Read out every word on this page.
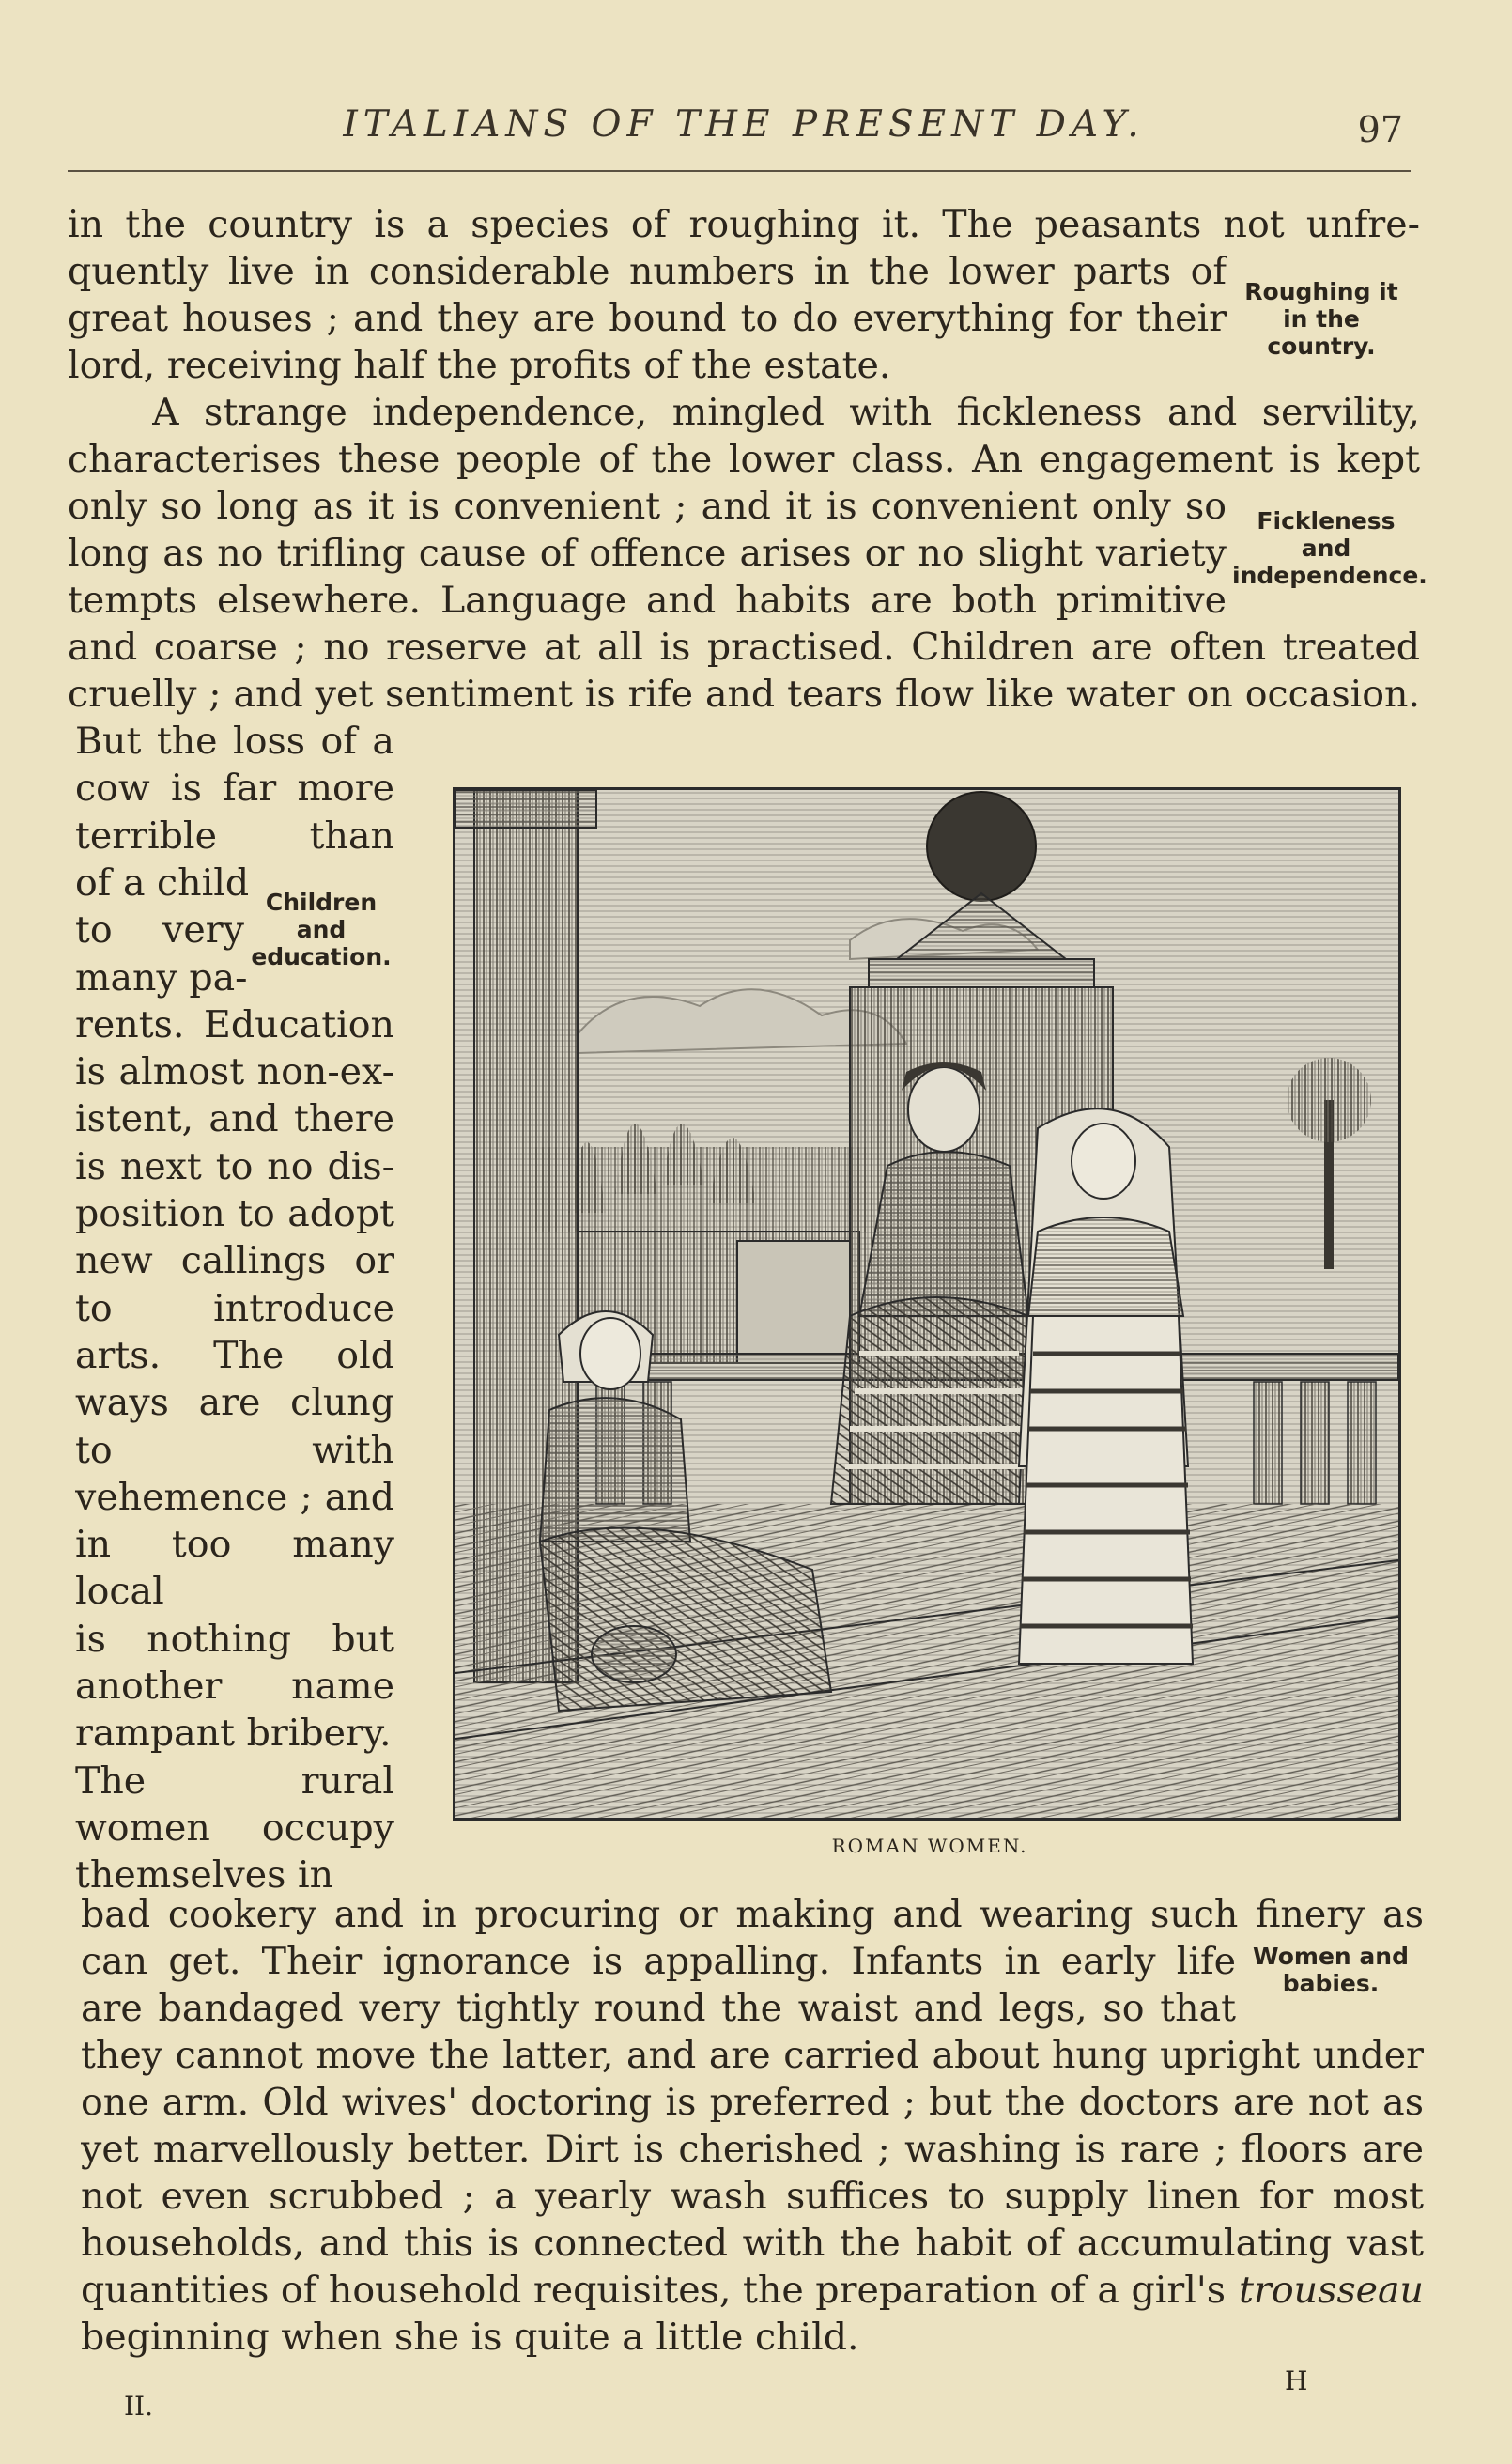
ITALIANS OF THE PRESENT DAY.	97
in the country is a species of roughing it. The peasants not unfre-
quently live in considerable numbers in the lower parts of
great houses ; and they are bound to do everything for their
lord, receiving half the profits of the estate.
Roughing it
in the
country.
A strange independence, mingled with fickleness and servility,
characterises these people of the lower class. An engagement is kept
only so long as it is convenient ; and it is convenient only so
long as no trifling cause of offence arises or no slight variety
tempts elsewhere. Language and habits are both primitive
and coarse ; no reserve at all is practised. Children are often treated
cruelly ; and yet sentiment is rife and tears flow like water on occasion.
Fickleness
and
independence.
But the loss of a
cow is far more
terrible than
of a child
to very
many pa-
rents. Education
is almost non-ex-
istent, and there
is next to no dis-
position to adopt
new callings or
to introduce
arts. The old
ways are clung
to with
vehemence ; and
in too many
local
is nothing but
another name
rampant bribery.
The rural
women occupy
themselves in
Children
and
education.
ROMAN WOMEN.
bad cookery and in procuring or making and wearing such finery as
can get. Their ignorance is appalling. Infants in early life
are bandaged very tightly round the waist and legs, so that
they cannot move the latter, and are carried about hung upright under
one arm. Old wives' doctoring is preferred ; but the doctors are not as
yet marvellously better. Dirt is cherished ; washing is rare ; floors are
not even scrubbed ; a yearly wash suffices to supply linen for most
households, and this is connected with the habit of accumulating vast
quantities of household requisites, the preparation of a girl's trousseau
beginning when she is quite a little child.
Women and
babies.
H
II.
